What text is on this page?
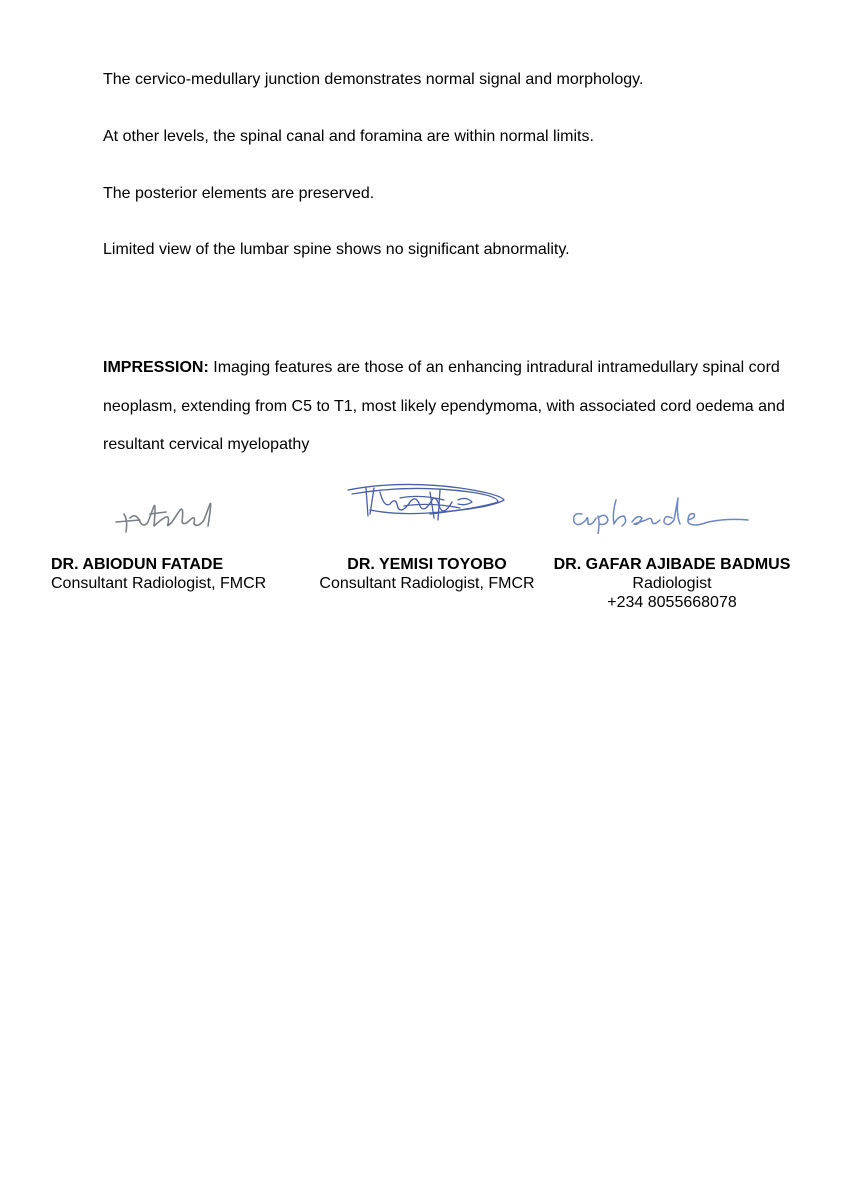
The cervico-medullary junction demonstrates normal signal and morphology.

At other levels, the spinal canal and foramina are within normal limits.

The posterior elements are preserved.

Limited view of the lumbar spine shows no significant abnormality.

IMPRESSION: Imaging features are those of an enhancing intradural intramedullary spinal cord neoplasm, extending from C5 to T1, most likely ependymoma, with associated cord oedema and resultant cervical myelopathy

DR. ABIODUN FATADE
Consultant Radiologist, FMCR
DR. YEMISI TOYOBO
Consultant Radiologist, FMCR
DR. GAFAR AJIBADE BADMUS
Radiologist
+234 8055668078
